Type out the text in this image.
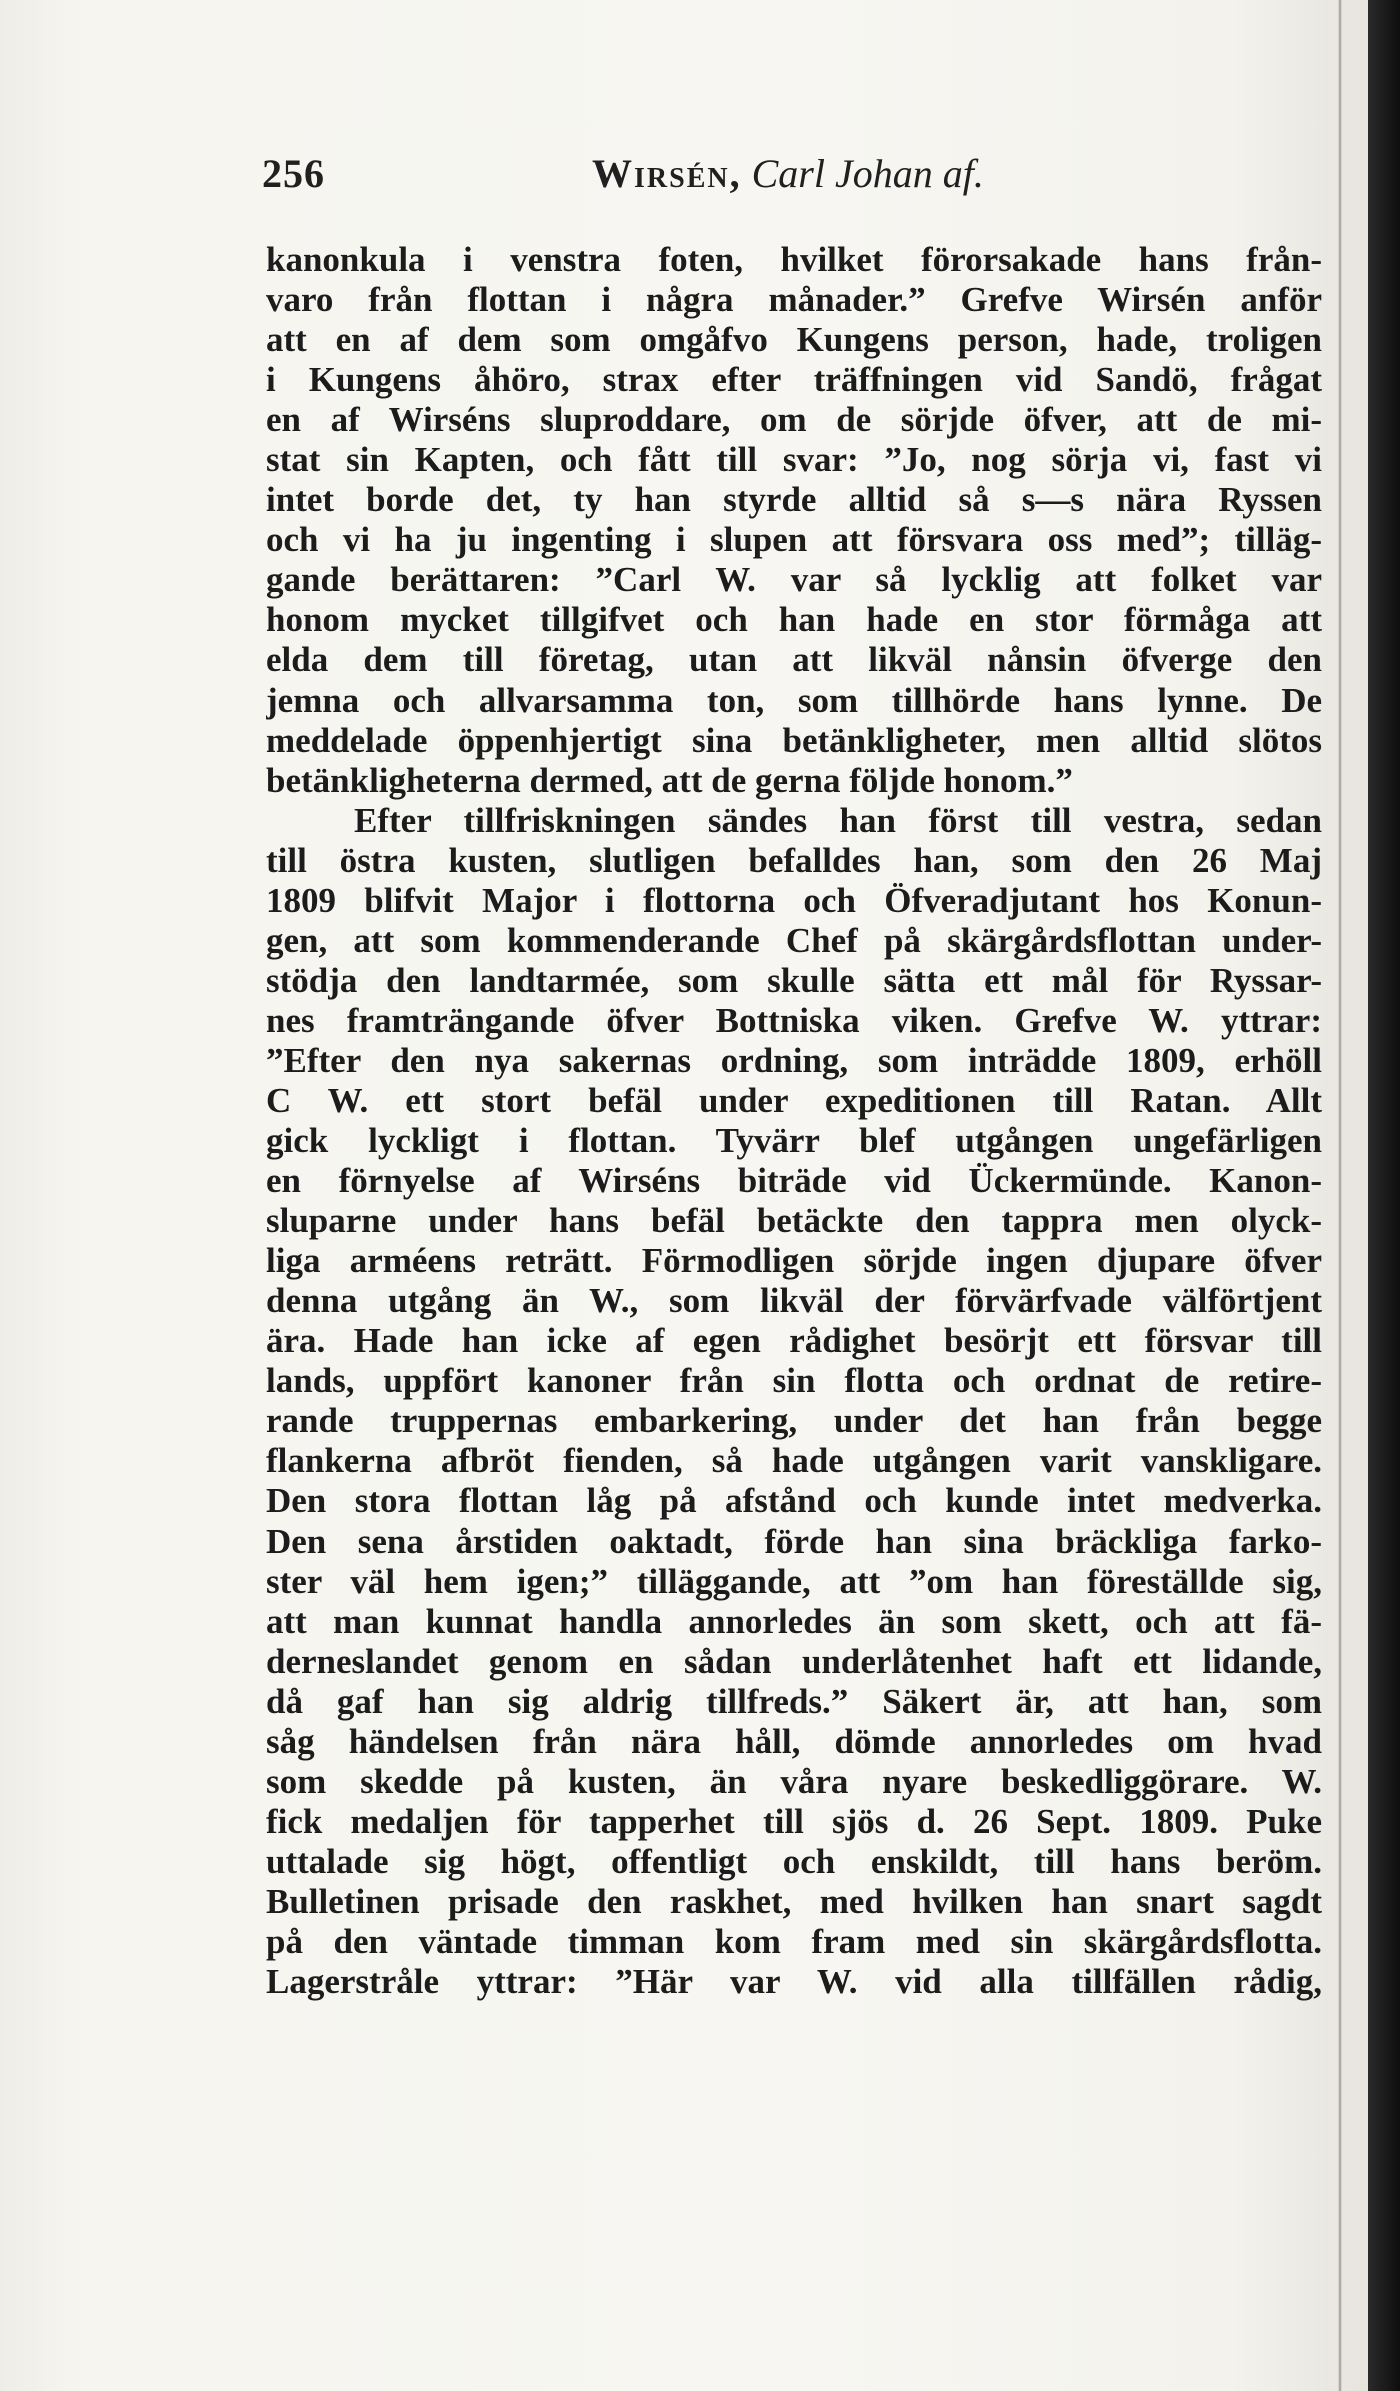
256	Wirsén, Carl Johan af.
kanonkula i venstra foten, hvilket förorsakade hans från-
varo från flottan i några månader.” Grefve Wirsén anför
att en af dem som omgåfvo Kungens person, hade, troligen
i Kungens åhöro, strax efter träffningen vid Sandö, frågat
en af Wirséns sluproddare, om de sörjde öfver, att de mi-
stat sin Kapten, och fått till svar: ”Jo, nog sörja vi, fast vi
intet borde det, ty han styrde alltid så s—s nära Ryssen
och vi ha ju ingenting i slupen att försvara oss med”; tilläg-
gande berättaren: ”Carl W. var så lycklig att folket var
honom mycket tillgifvet och han hade en stor förmåga att
elda dem till företag, utan att likväl nånsin öfverge den
jemna och allvarsamma ton, som tillhörde hans lynne. De
meddelade öppenhjertigt sina betänkligheter, men alltid slötos
betänkligheterna dermed, att de gerna följde honom.”
Efter tillfriskningen sändes han först till vestra, sedan
till östra kusten, slutligen befalldes han, som den 26 Maj
1809 blifvit Major i flottorna och Öfveradjutant hos Konun-
gen, att som kommenderande Chef på skärgårdsflottan under-
stödja den landtarmée, som skulle sätta ett mål för Ryssar-
nes framträngande öfver Bottniska viken. Grefve W. yttrar:
”Efter den nya sakernas ordning, som inträdde 1809, erhöll
C W. ett stort befäl under expeditionen till Ratan. Allt
gick lyckligt i flottan. Tyvärr blef utgången ungefärligen
en förnyelse af Wirséns biträde vid Ückermünde. Kanon-
sluparne under hans befäl betäckte den tappra men olyck-
liga arméens reträtt. Förmodligen sörjde ingen djupare öfver
denna utgång än W., som likväl der förvärfvade välförtjent
ära. Hade han icke af egen rådighet besörjt ett försvar till
lands, uppfört kanoner från sin flotta och ordnat de retire-
rande truppernas embarkering, under det han från begge
flankerna afbröt fienden, så hade utgången varit vanskligare.
Den stora flottan låg på afstånd och kunde intet medverka.
Den sena årstiden oaktadt, förde han sina bräckliga farko-
ster väl hem igen;” tilläggande, att ”om han föreställde sig,
att man kunnat handla annorledes än som skett, och att fä-
derneslandet genom en sådan underlåtenhet haft ett lidande,
då gaf han sig aldrig tillfreds.” Säkert är, att han, som
såg händelsen från nära håll, dömde annorledes om hvad
som skedde på kusten, än våra nyare beskedliggörare. W.
fick medaljen för tapperhet till sjös d. 26 Sept. 1809. Puke
uttalade sig högt, offentligt och enskildt, till hans beröm.
Bulletinen prisade den raskhet, med hvilken han snart sagdt
på den väntade timman kom fram med sin skärgårdsflotta.
Lagerstråle yttrar: ”Här var W. vid alla tillfällen rådig,
